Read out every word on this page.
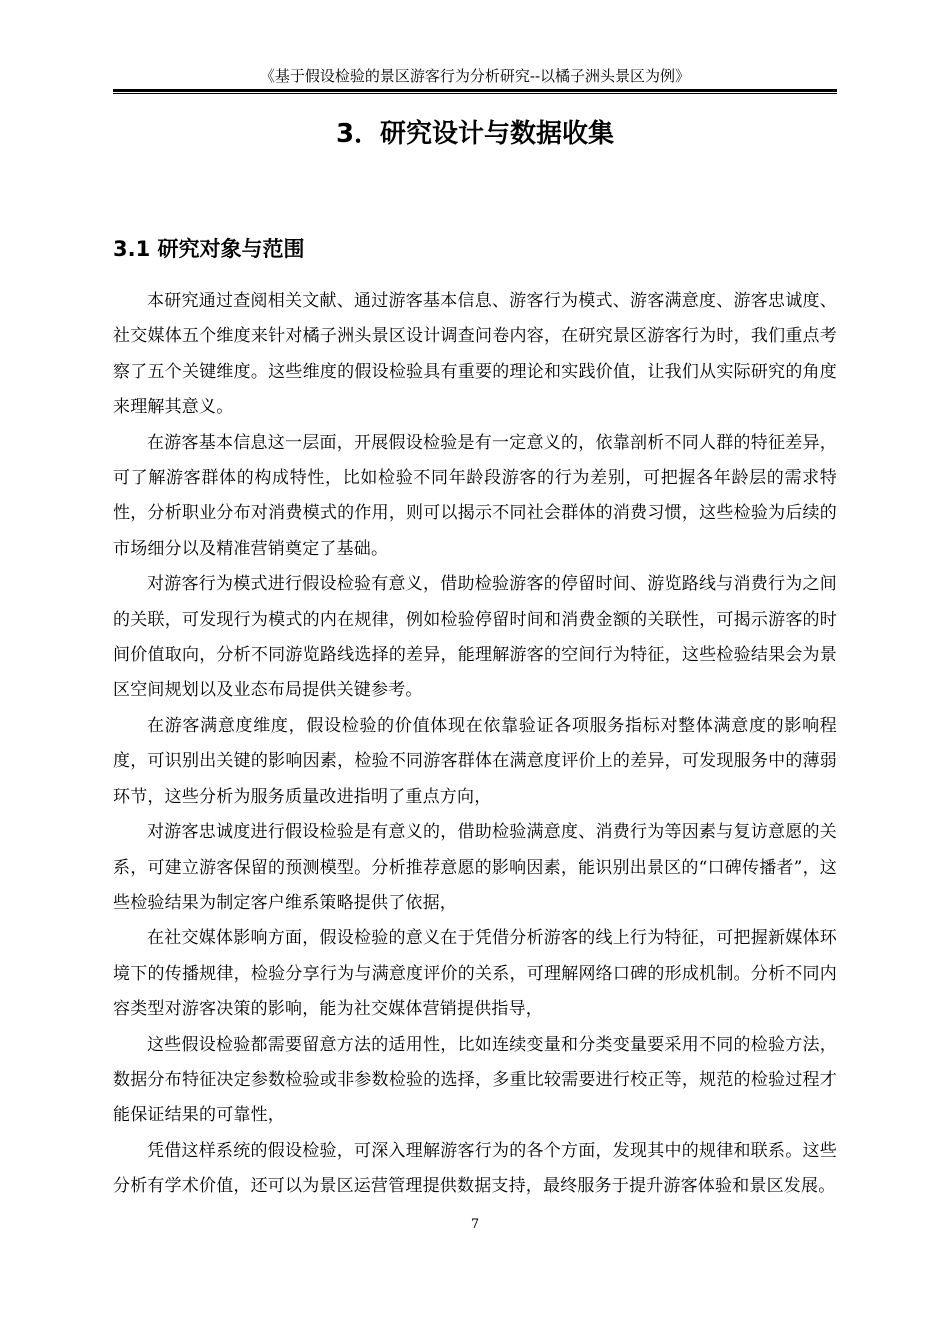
《基于假设检验的景区游客行为分析研究--以橘子洲头景区为例》
3．研究设计与数据收集
3.1 研究对象与范围

本研究通过查阅相关文献、通过游客基本信息、游客行为模式、游客满意度、游客忠诚度、社交媒体五个维度来针对橘子洲头景区设计调查问卷内容，在研究景区游客行为时，我们重点考察了五个关键维度。这些维度的假设检验具有重要的理论和实践价值，让我们从实际研究的角度来理解其意义。

在游客基本信息这一层面，开展假设检验是有一定意义的，依靠剖析不同人群的特征差异，可了解游客群体的构成特性，比如检验不同年龄段游客的行为差别，可把握各年龄层的需求特性，分析职业分布对消费模式的作用，则可以揭示不同社会群体的消费习惯，这些检验为后续的市场细分以及精准营销奠定了基础。

对游客行为模式进行假设检验有意义，借助检验游客的停留时间、游览路线与消费行为之间的关联，可发现行为模式的内在规律，例如检验停留时间和消费金额的关联性，可揭示游客的时间价值取向，分析不同游览路线选择的差异，能理解游客的空间行为特征，这些检验结果会为景区空间规划以及业态布局提供关键参考。

在游客满意度维度，假设检验的价值体现在依靠验证各项服务指标对整体满意度的影响程度，可识别出关键的影响因素，检验不同游客群体在满意度评价上的差异，可发现服务中的薄弱环节，这些分析为服务质量改进指明了重点方向，

对游客忠诚度进行假设检验是有意义的，借助检验满意度、消费行为等因素与复访意愿的关系，可建立游客保留的预测模型。分析推荐意愿的影响因素，能识别出景区的“口碑传播者”，这些检验结果为制定客户维系策略提供了依据，

在社交媒体影响方面，假设检验的意义在于凭借分析游客的线上行为特征，可把握新媒体环境下的传播规律，检验分享行为与满意度评价的关系，可理解网络口碑的形成机制。分析不同内容类型对游客决策的影响，能为社交媒体营销提供指导，

这些假设检验都需要留意方法的适用性，比如连续变量和分类变量要采用不同的检验方法，数据分布特征决定参数检验或非参数检验的选择，多重比较需要进行校正等，规范的检验过程才能保证结果的可靠性，

凭借这样系统的假设检验，可深入理解游客行为的各个方面，发现其中的规律和联系。这些分析有学术价值，还可以为景区运营管理提供数据支持，最终服务于提升游客体验和景区发展。

7
